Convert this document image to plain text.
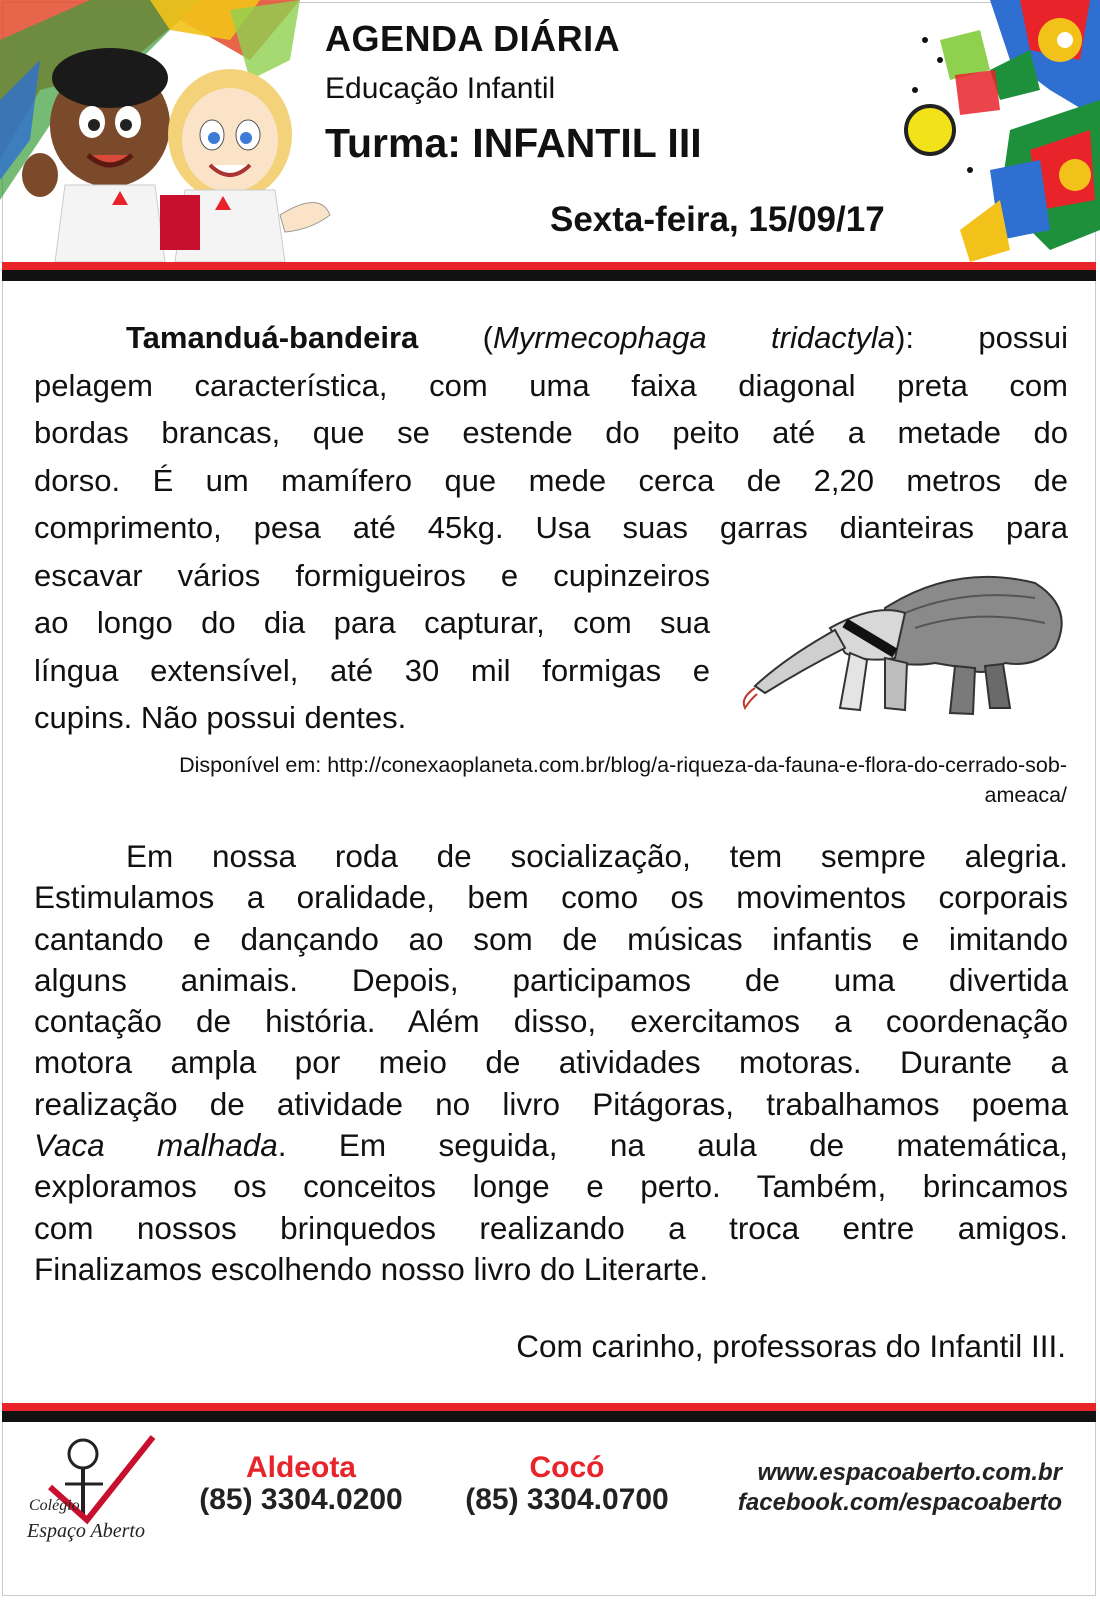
AGENDA DIÁRIA
Educação Infantil
Turma: INFANTIL III
Sexta-feira, 15/09/17
Tamanduá-bandeira (Myrmecophaga tridactyla): possui
pelagem característica, com uma faixa diagonal preta com
bordas brancas, que se estende do peito até a metade do
dorso. É um mamífero que mede cerca de 2,20 metros de
comprimento, pesa até 45kg. Usa suas garras dianteiras para
escavar vários formigueiros e cupinzeiros
ao longo do dia para capturar, com sua
língua extensível, até 30 mil formigas e
cupins. Não possui dentes.
Disponível em: http://conexaoplaneta.com.br/blog/a-riqueza-da-fauna-e-flora-do-cerrado-sob-ameaca/
Em nossa roda de socialização, tem sempre alegria.
Estimulamos a oralidade, bem como os movimentos corporais
cantando e dançando ao som de músicas infantis e imitando
alguns animais. Depois, participamos de uma divertida
contação de história. Além disso, exercitamos a coordenação
motora ampla por meio de atividades motoras. Durante a
realização de atividade no livro Pitágoras, trabalhamos poema
Vaca malhada. Em seguida, na aula de matemática,
exploramos os conceitos longe e perto. Também, brincamos
com nossos brinquedos realizando a troca entre amigos.
Finalizamos escolhendo nosso livro do Literarte.
Com carinho, professoras do Infantil III.
Colégio
Espaço Aberto
Aldeota
(85) 3304.0200
Cocó
(85) 3304.0700
www.espacoaberto.com.br
facebook.com/espacoaberto
